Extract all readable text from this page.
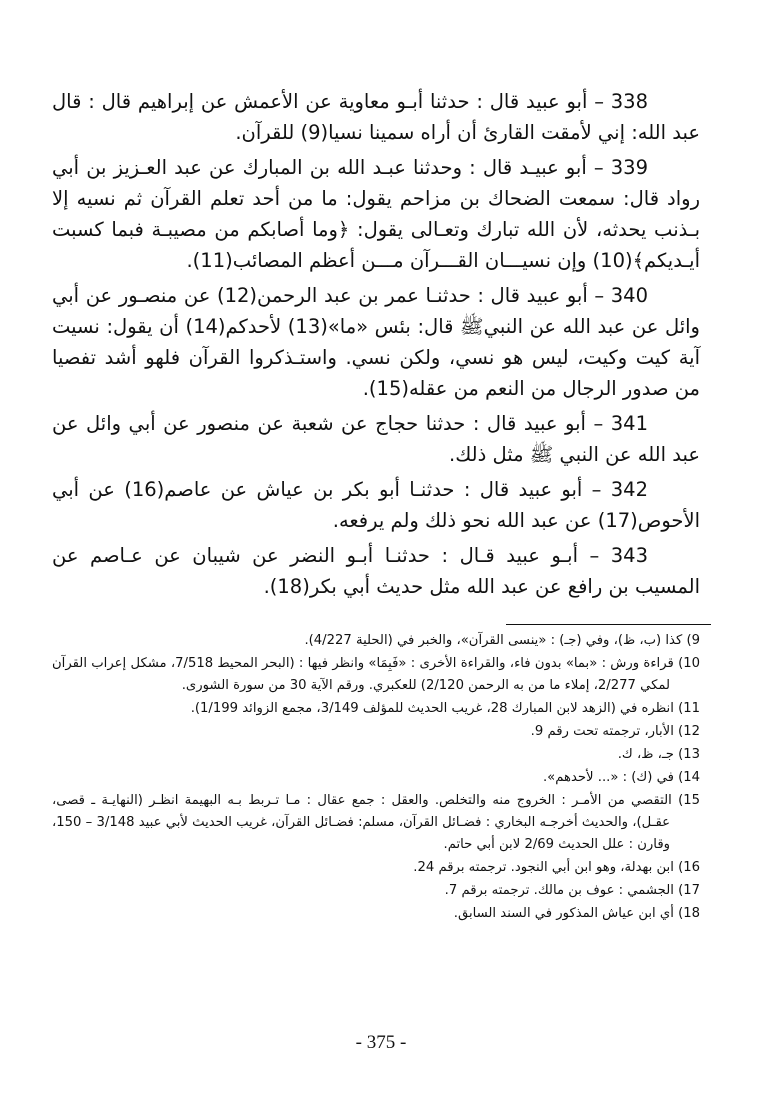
338 – أبو عبيد قال : حدثنا أبـو معاوية عن الأعمش عن إبراهيم قال : قال عبد الله: إني لأمقت القارئ أن أراه سمينا نسيا(9) للقرآن.

339 – أبو عبيـد قال : وحدثنا عبـد الله بن المبارك عن عبد العـزيز بن أبي رواد قال: سمعت الضحاك بن مزاحم يقول: ما من أحد تعلم القرآن ثم نسيه إلا بـذنب يحدثه، لأن الله تبارك وتعـالى يقول: ﴿وما أصابكم من مصيبـة فبما كسبت أيـديكم﴾(10) وإن نسيـــان القـــرآن مـــن أعظم المصائب(11).

340 – أبو عبيد قال : حدثنـا عمر بن عبد الرحمن(12) عن منصـور عن أبي وائل عن عبد الله عن النبيﷺ قال: بئس «ما»(13) لأحدكم(14) أن يقول: نسيت آية كيت وكيت، ليس هو نسي، ولكن نسي. واستـذكروا القرآن فلهو أشد تفصيا من صدور الرجال من النعم من عقله(15).

341 – أبو عبيد قال : حدثنا حجاج عن شعبة عن منصور عن أبي وائل عن عبد الله عن النبي ﷺ مثل ذلك.

342 – أبو عبيد قال : حدثنـا أبو بكر بن عياش عن عاصم(16) عن أبي الأحوص(17) عن عبد الله نحو ذلك ولم يرفعه.

343 – أبـو عبيد قـال : حدثنـا أبـو النضر عن شيبان عن عـاصم عن المسيب بن رافع عن عبد الله مثل حديث أبي بكر(18).

9) كذا (ب، ظ)، وفي (جـ) : «ينسى القرآن»، والخبر في (الحلية 4/227).

10) قراءة ورش : «بما» بدون فاء، والقراءة الأخرى : «فَبِمَا» وانظر فيها : (البحر المحيط 7/518، مشكل إعراب القرآن لمكي 2/277، إملاء ما من به الرحمن 2/120) للعكبري. ورقم الآية 30 من سورة الشورى.

11) انظره في (الزهد لابن المبارك 28، غريب الحديث للمؤلف 3/149، مجمع الزوائد 1/199).

12) الأبار، ترجمته تحت رقم 9.

13) جـ، ظ، ك.

14) في (ك) : «... لأحدهم».

15) التقصي من الأمـر : الخروج منه والتخلص. والعقل : جمع عقال : مـا تـربط بـه البهيمة انظـر (النهايـة ـ قصى، عقـل)، والحديث أخرجـه البخاري : فضـائل القرآن، مسلم: فضـائل القرآن، غريب الحديث لأبي عبيد 3/148 – 150، وقارن : علل الحديث 2/69 لابن أبي حاتم.

16) ابن بهدلة، وهو ابن أبي النجود. ترجمته برقم 24.

17) الجشمي : عوف بن مالك. ترجمته برقم 7.

18) أي ابن عياش المذكور في السند السابق.

- 375 -
